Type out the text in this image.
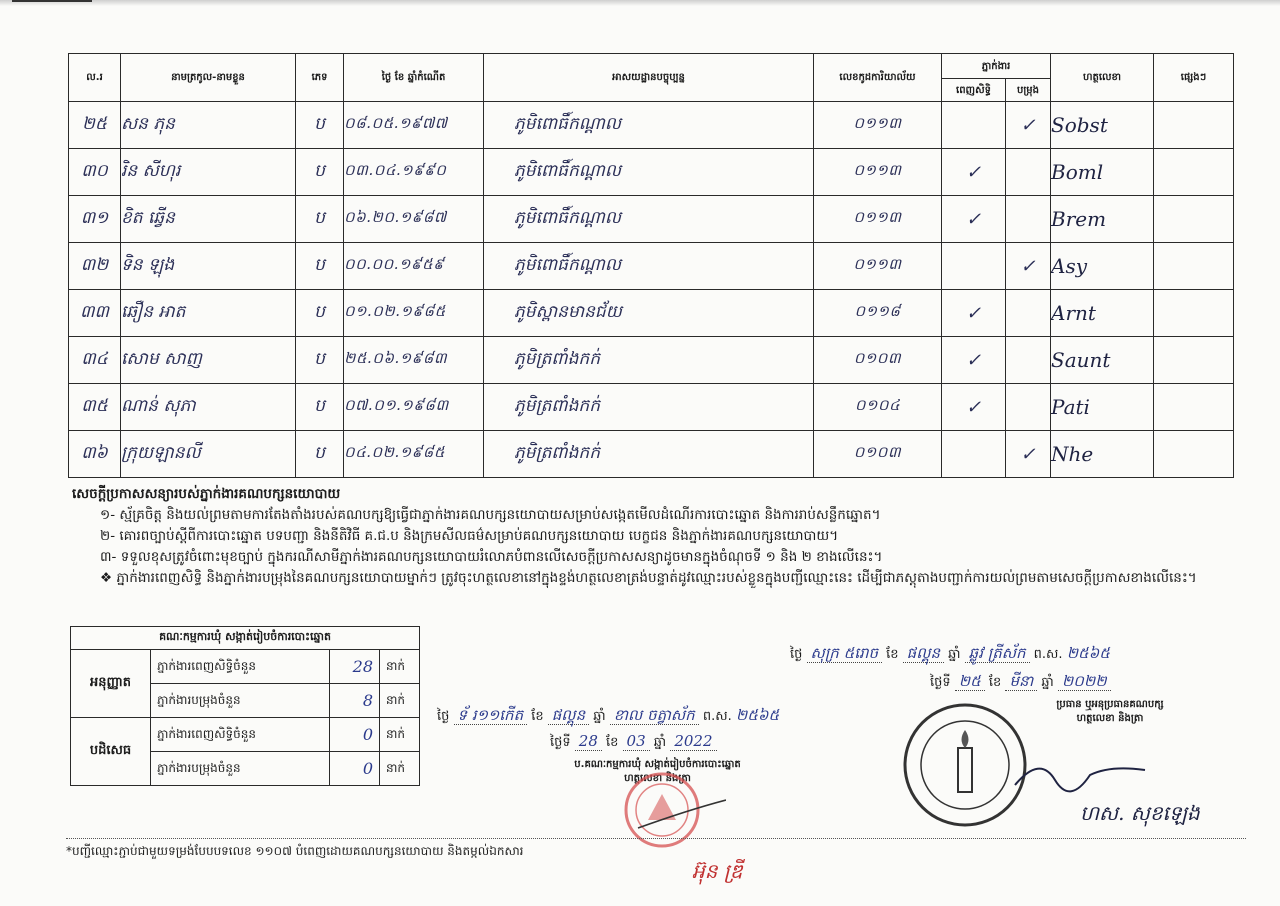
ល.រ	នាមត្រកូល-នាមខ្លួន	ភេទ	ថ្ងៃ ខែ ឆ្នាំកំណើត	អាសយដ្ឋានបច្ចុប្បន្ន	លេខកូដការិយាល័យ	ភ្នាក់ងារ		ហត្ថលេខា	ផ្សេងៗ
						ពេញសិទ្ធិ	បម្រុង		
២៥	សន ភុន	ប	០៨.០៥.១៩៧៧	ភូមិពោធិ៍កណ្ដាល	០១១៣		✓	Sobst	
៣០	រិន សីហុរ	ប	០៣.០៤.១៩៩០	ភូមិពោធិ៍កណ្ដាល	០១១៣	✓		Boml	
៣១	ខិត ឆ្វើន	ប	០៦.២០.១៩៨៧	ភូមិពោធិ៍កណ្ដាល	០១១៣	✓		Brem	
៣២	ទិន ឡុង	ប	០០.០០.១៩៥៩	ភូមិពោធិ៍កណ្ដាល	០១១៣		✓	Asy	
៣៣	ឆឿន អាត	ប	០១.០២.១៩៨៥	ភូមិស្ពានមានជ័យ	០១១៨	✓		Arnt	
៣៤	សោម សាញ	ប	២៥.០៦.១៩៨៣	ភូមិត្រពាំងកក់	០១០៣	✓		Saunt	
៣៥	ណាន់ សុភា	ប	០៧.០១.១៩៨៣	ភូមិត្រពាំងកក់	០១០៤	✓		Pati	
៣៦	ក្រុយឡានលី	ប	០៤.០២.១៩៨៥	ភូមិត្រពាំងកក់	០១០៣		✓	Nhe	
សេចក្ដីប្រកាសសន្យារបស់ភ្នាក់ងារគណបក្សនយោបាយ
១- ស្ម័គ្រចិត្ត និងយល់ព្រមតាមការតែងតាំងរបស់គណបក្សឱ្យធ្វើជាភ្នាក់ងារគណបក្សនយោបាយសម្រាប់សង្កេតមើលដំណើរការបោះឆ្នោត និងការរាប់សន្លឹកឆ្នោត។
២- គោរពច្បាប់ស្ដីពីការបោះឆ្នោត បទបញ្ជា និងនីតិវិធី គ.ជ.ប និងក្រមសីលធម៌សម្រាប់គណបក្សនយោបាយ បេក្ខជន និងភ្នាក់ងារគណបក្សនយោបាយ។
៣- ទទួលខុសត្រូវចំពោះមុខច្បាប់ ក្នុងករណីសាមីភ្នាក់ងារគណបក្សនយោបាយរំលោភបំពានលើសេចក្ដីប្រកាសសន្យាដូចមានក្នុងចំណុចទី ១ និង ២ ខាងលើនេះ។
❖ ភ្នាក់ងារពេញសិទ្ធិ និងភ្នាក់ងារបម្រុងនៃគណបក្សនយោបាយម្នាក់ៗ ត្រូវចុះហត្ថលេខានៅក្នុងខ្ទង់ហត្ថលេខាត្រង់បន្ទាត់ដូវឈ្មោះរបស់ខ្លួនក្នុងបញ្ជីឈ្មោះនេះ ដើម្បីជាភស្តុតាងបញ្ជាក់ការយល់ព្រមតាមសេចក្ដីប្រកាសខាងលើនេះ។
គណៈកម្មការឃុំ សង្កាត់រៀបចំការបោះឆ្នោត			
អនុញ្ញាត	ភ្នាក់ងារពេញសិទ្ធិចំនួន	28	នាក់
	ភ្នាក់ងារបម្រុងចំនួន	8	នាក់
បដិសេធ	ភ្នាក់ងារពេញសិទ្ធិចំនួន	0	នាក់
	ភ្នាក់ងារបម្រុងចំនួន	0	នាក់
ថ្ងៃ ទ័ រ១១កើត ខែ ផល្គុន ឆ្នាំ ខាល ចត្វាស័ក ព.ស. ២៥៦៥
ថ្ងៃទី 28 ខែ 03 ឆ្នាំ 2022
ប.គណៈកម្មការឃុំ សង្កាត់រៀបចំការបោះឆ្នោត
ហត្ថលេខា និងត្រា
អ៊ុន ឌ្រី
ថ្ងៃ សុក្រ ៥រោច ខែ ផល្គុន ឆ្នាំ ឆ្លូវ ត្រីស័ក ព.ស. ២៥៦៥
ថ្ងៃទី ២៥ ខែ មីនា ឆ្នាំ ២០២២
ប្រធាន ឬអនុប្រធានគណបក្ស
ហត្ថលេខា និងត្រា
ហស. សុខឡេង
*បញ្ជីឈ្មោះភ្ជាប់ជាមួយទម្រង់បែបបទលេខ ១១០៧ បំពេញដោយគណបក្សនយោបាយ និងតម្កល់ឯកសារ
